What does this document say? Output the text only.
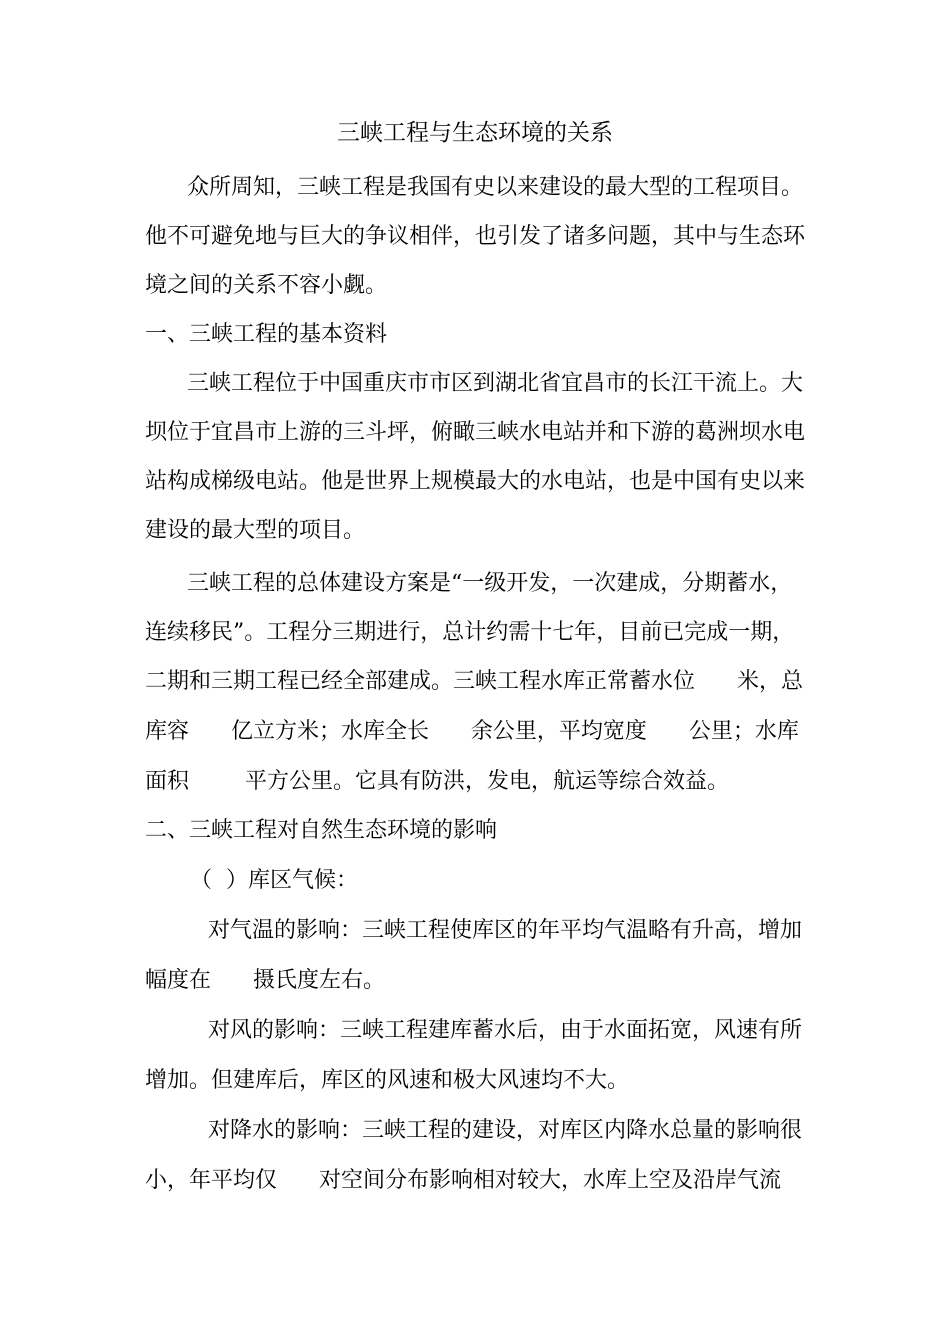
三峡工程与生态环境的关系
众所周知，三峡工程是我国有史以来建设的最大型的工程项目。
他不可避免地与巨大的争议相伴，也引发了诸多问题，其中与生态环
境之间的关系不容小觑。
一、三峡工程的基本资料
三峡工程位于中国重庆市市区到湖北省宜昌市的长江干流上。大
坝位于宜昌市上游的三斗坪，俯瞰三峡水电站并和下游的葛洲坝水电
站构成梯级电站。他是世界上规模最大的水电站，也是中国有史以来
建设的最大型的项目。
三峡工程的总体建设方案是“一级开发，一次建成，分期蓄水，
连续移民”。工程分三期进行，总计约需十七年，目前已完成一期，
二期和三期工程已经全部建成。三峡工程水库正常蓄水位      米，总
库容      亿立方米；水库全长      余公里，平均宽度      公里；水库
面积        平方公里。它具有防洪，发电，航运等综合效益。
二、三峡工程对自然生态环境的影响
（  ）库区气候：
对气温的影响：三峡工程使库区的年平均气温略有升高，增加
幅度在      摄氏度左右。
对风的影响：三峡工程建库蓄水后，由于水面拓宽，风速有所
增加。但建库后，库区的风速和极大风速均不大。
对降水的影响：三峡工程的建设，对库区内降水总量的影响很
小，年平均仅      对空间分布影响相对较大，水库上空及沿岸气流
